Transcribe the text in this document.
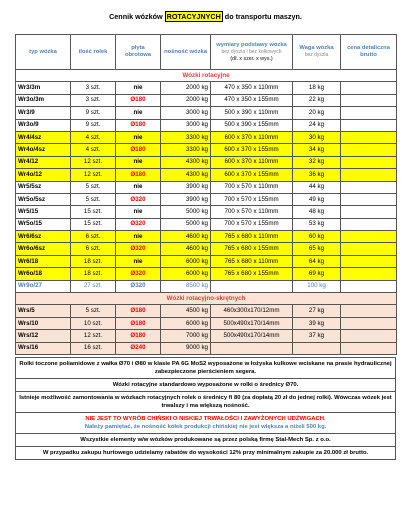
Cennik wózków ROTACYJNYCH do transportu maszyn.
typ wózka	ilość rolek	płyta obrotowa	nośność wózka	wymiary podstawy wózka
bez dyszla i bez kołkowych
(dł. x szer. x wys.)	Waga wózka
bez dyszla	cena detaliczna brutto
Wózki rotacyjne						
Wr3/3m	3 szt.	nie	2000 kg	470 x 350 x 110mm	18 kg	
Wr3o/3m	3 szt.	Ø180	2000 kg	470 x 350 x 155mm	22 kg	
Wr3/9	9 szt.	nie	3000 kg	500 x 390 x 110mm	20 kg	
Wr3o/9	9 szt.	Ø180	3000 kg	500 x 390 x 155mm	24 kg	
Wr4/4sz	4 szt.	nie	3300 kg	600 x 370 x 110mm	30 kg	
Wr4o/4sz	4 szt.	Ø180	3300 kg	600 x 370 x 155mm	34 kg	
Wr4/12	12 szt.	nie	4300 kg	600 x 370 x 110mm	32 kg	
Wr4o/12	12 szt.	Ø180	4300 kg	600 x 370 x 155mm	36 kg	
Wr5/5sz	5 szt.	nie	3900 kg	700 x 570 x 110mm	44 kg	
Wr5o/5sz	5 szt.	Ø320	3900 kg	700 x 570 x 155mm	49 kg	
Wr5/15	15 szt.	nie	5000 kg	700 x 570 x 110mm	48 kg	
Wr5o/15	15 szt.	Ø320	5000 kg	700 x 570 x 155mm	53 kg	
Wr6/6sz	6 szt.	nie	4600 kg	765 x 680 x 110mm	60 kg	
Wr6o/6sz	6 szt.	Ø320	4600 kg	765 x 680 x 155mm	65 kg	
Wr6/18	18 szt.	nie	6000 kg	765 x 680 x 110mm	64 kg	
Wr6o/18	18 szt.	Ø320	6000 kg	765 x 680 x 155mm	69 kg	
Wr9o/27	27 szt.	Ø320	8500 kg		100 kg	
Wózki rotacyjno-skrętnych						
Wrs/5	5 szt.	Ø180	4500 kg	460x300x170/12mm	27 kg	
Wrs/10	10 szt.	Ø180	6000 kg	500x490x170/14mm	39 kg	
Wrs/12	12 szt.	Ø180	7000 kg	500x490x170/14mm	37 kg	
Wrs/16	16 szt.	Ø240	9000 kg			
Rolki toczone poliamidowe z wałka Ø70 i Ø80 w klasie PA 6G MoS2 wyposażone w łożyska kulkowe wciskane na prasie hydraulicznej zabezpieczone pierścieniem segera.
Wózki rotacyjne standardowo wyposażone w rolki o średnicy Ø70.
Istnieje możliwość zamontowania w wózkach rotacyjnych rolek o średnicy fi 80 (za dopłatą 20 zł do jednej rolki). Wówczas wózek jest trwalszy i ma większą nośność.
NIE JEST TO WYRÓB CHIŃSKI O NISKIEJ TRWAŁOŚCI I ZAWYŻONYCH UDŹWIGACH.
Należy pamiętać, że nośność kółek produkcji chińskiej nie jest większa a niżeli 500 kg.
Wszystkie elementy w/w wózków produkowane są przez polską firmę Stal-Mech Sp. z o.o.
W przypadku zakupu hurtowego udzielamy rabatów do wysokości 12% przy minimalnym zakupie za 20.000 zł brutto.
